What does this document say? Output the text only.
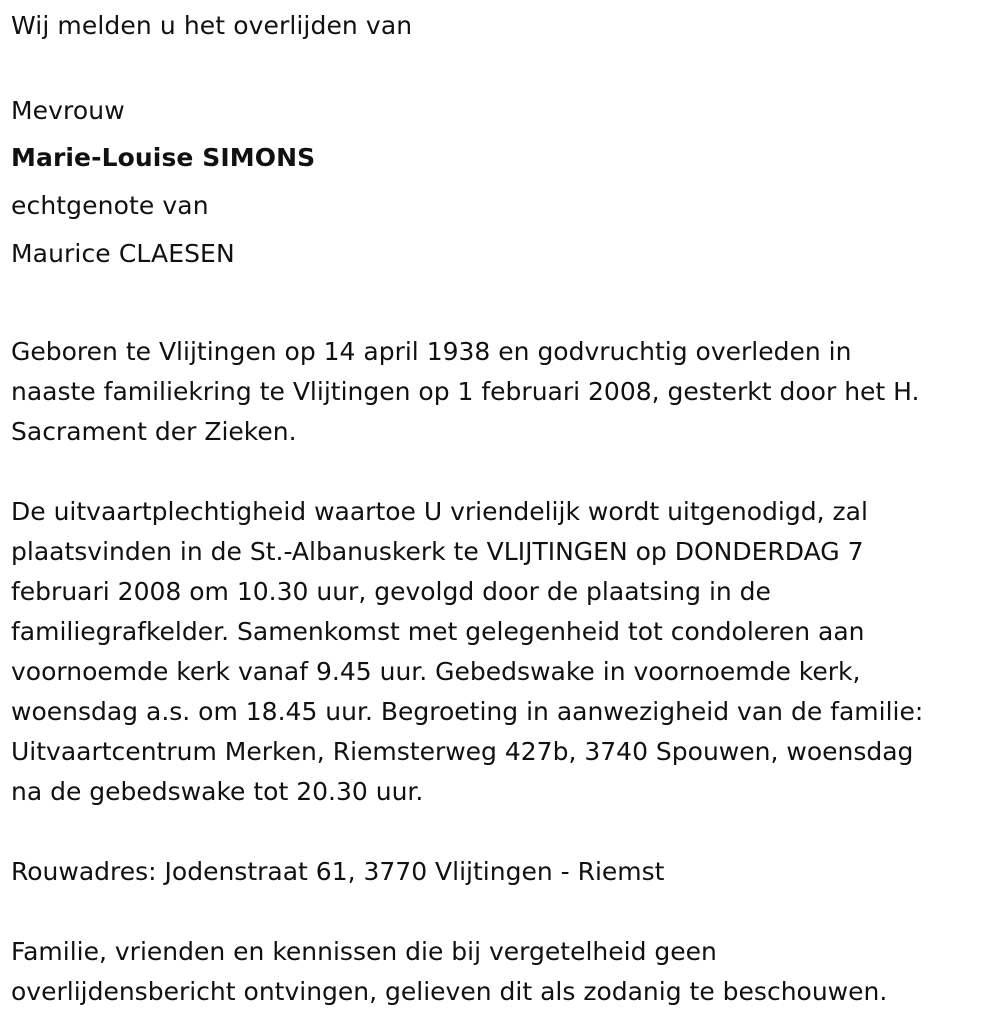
Wij melden u het overlijden van
Mevrouw
Marie-Louise SIMONS
echtgenote van
Maurice CLAESEN
Geboren te Vlijtingen op 14 april 1938 en godvruchtig overleden in
naaste familiekring te Vlijtingen op 1 februari 2008, gesterkt door het H.
Sacrament der Zieken.
De uitvaartplechtigheid waartoe U vriendelijk wordt uitgenodigd, zal
plaatsvinden in de St.-Albanuskerk te VLIJTINGEN op DONDERDAG 7
februari 2008 om 10.30 uur, gevolgd door de plaatsing in de
familiegrafkelder. Samenkomst met gelegenheid tot condoleren aan
voornoemde kerk vanaf 9.45 uur. Gebedswake in voornoemde kerk,
woensdag a.s. om 18.45 uur. Begroeting in aanwezigheid van de familie:
Uitvaartcentrum Merken, Riemsterweg 427b, 3740 Spouwen, woensdag
na de gebedswake tot 20.30 uur.
Rouwadres: Jodenstraat 61, 3770 Vlijtingen - Riemst
Familie, vrienden en kennissen die bij vergetelheid geen
overlijdensbericht ontvingen, gelieven dit als zodanig te beschouwen.
